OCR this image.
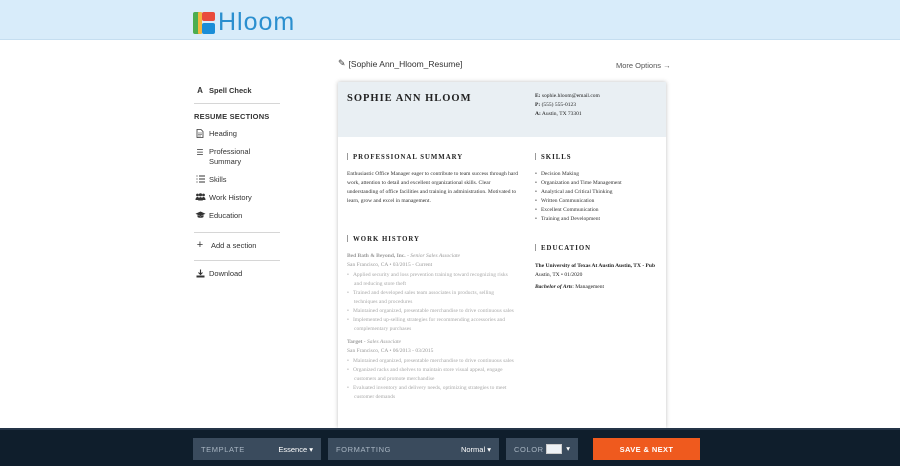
Hloom
A Spell Check
RESUME SECTIONS
Heading
☰ Professional Summary
Skills
Work History
Education
+	Add a section
Download
✎ [Sophie Ann_Hloom_Resume]	More Options →
SOPHIE ANN HLOOM	E: sophie.hloom@email.com
P: (555) 555-0123
A: Austin, TX 73301
PROFESSIONAL SUMMARY
Enthusiastic Office Manager eager to contribute to team success through hard work, attention to detail and excellent organizational skills. Clear understanding of office facilities and training in administration. Motivated to learn, grow and excel in management.
SKILLS
• Decision Making
• Organization and Time Management
• Analytical and Critical Thinking
• Written Communication
• Excellent Communication
• Training and Development
WORK HISTORY
Bed Bath & Beyond, Inc. - Senior Sales Associate
San Francisco, CA • 03/2015 - Current
• Applied security and loss prevention training toward recognizing risks and reducing store theft
• Trained and developed sales team associates in products, selling techniques and procedures
• Maintained organized, presentable merchandise to drive continuous sales
• Implemented up-selling strategies for recommending accessories and complementary purchases
Target - Sales Associate
San Francisco, CA • 06/2013 - 03/2015
• Maintained organized, presentable merchandise to drive continuous sales
• Organized racks and shelves to maintain store visual appeal, engage customers and promote merchandise
• Evaluated inventory and delivery needs, optimizing strategies to meet customer demands
EDUCATION
The University of Texas At Austin Austin, TX - Pub
Austin, TX • 01/2020
Bachelor of Arts: Management
TEMPLATE	Essence ▾	FORMATTING	Normal ▾	COLOR	▾	SAVE & NEXT
